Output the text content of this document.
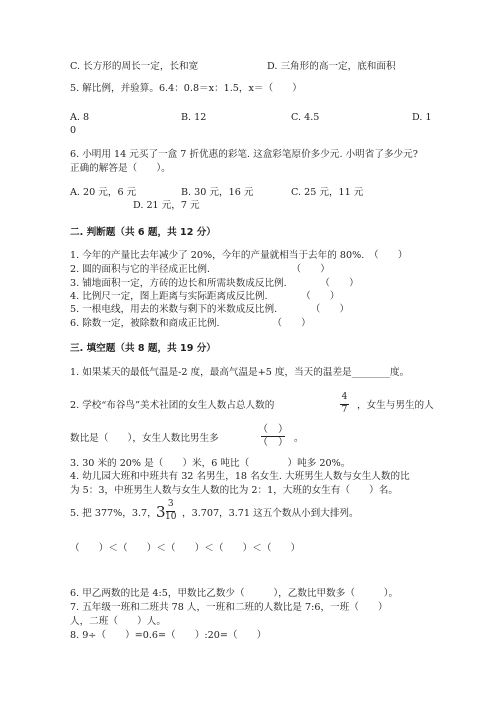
C. 长方形的周长一定，长和宽	D. 三角形的高一定，底和面积
5. 解比例，并验算。6.4：0.8＝x：1.5，x＝（　　）
A. 8	B. 12	C. 4.5	D. 1
0
6. 小明用 14 元买了一盒 7 折优惠的彩笔. 这盒彩笔原价多少元. 小明省了多少元?
正确的解答是（　　）。
A. 20 元，6 元	B. 30 元，16 元	C. 25 元，11 元
D. 21 元，7 元
二. 判断题（共 6 题，共 12 分）
1. 今年的产量比去年减少了 20%，今年的产量就相当于去年的 80%.　（　　）
2. 圆的面积与它的半径成正比例.　　　　　　　　　（　　）
3. 铺地面积一定，方砖的边长和所需块数成反比例.　　　　（　　）
4. 比例尺一定，图上距离与实际距离成反比例.　　　　（　　）
5. 一根电线，用去的米数与剩下的米数成反比例.　　　　（　　）
6. 除数一定，被除数和商成正比例.　　　　　　（　　）
三. 填空题（共 8 题，共 19 分）
1. 如果某天的最低气温是-2 度，最高气温是+5 度，当天的温差是________度。
2. 学校“布谷鸟”美术社团的女生人数占总人数的
4
7 ，女生与男生的人
数比是（　　），女生人数比男生多
（　）
（　） 。
3. 30 米的 20% 是（　　）米，6 吨比（　　　　）吨多 20%。
4. 幼儿园大班和中班共有 32 名男生，18 名女生. 大班男生人数与女生人数的比
为 5：3，中班男生人数与女生人数的比为 2：1，大班的女生有（　　）名。
5. 把 377%，3.7， 3 3
10 ，3.707，3.71 这五个数从小到大排列。
（　　）＜（　　）＜（　　）＜（　　）＜（　　）
6. 甲乙两数的比是 4:5，甲数比乙数少（　　　），乙数比甲数多（　　　）。
7. 五年级一班和二班共 78 人，一班和二班的人数比是 7:6，一班（　　）
人，二班（　　）人。
8. 9÷（　　）=0.6=（　　）:20=（　　）
